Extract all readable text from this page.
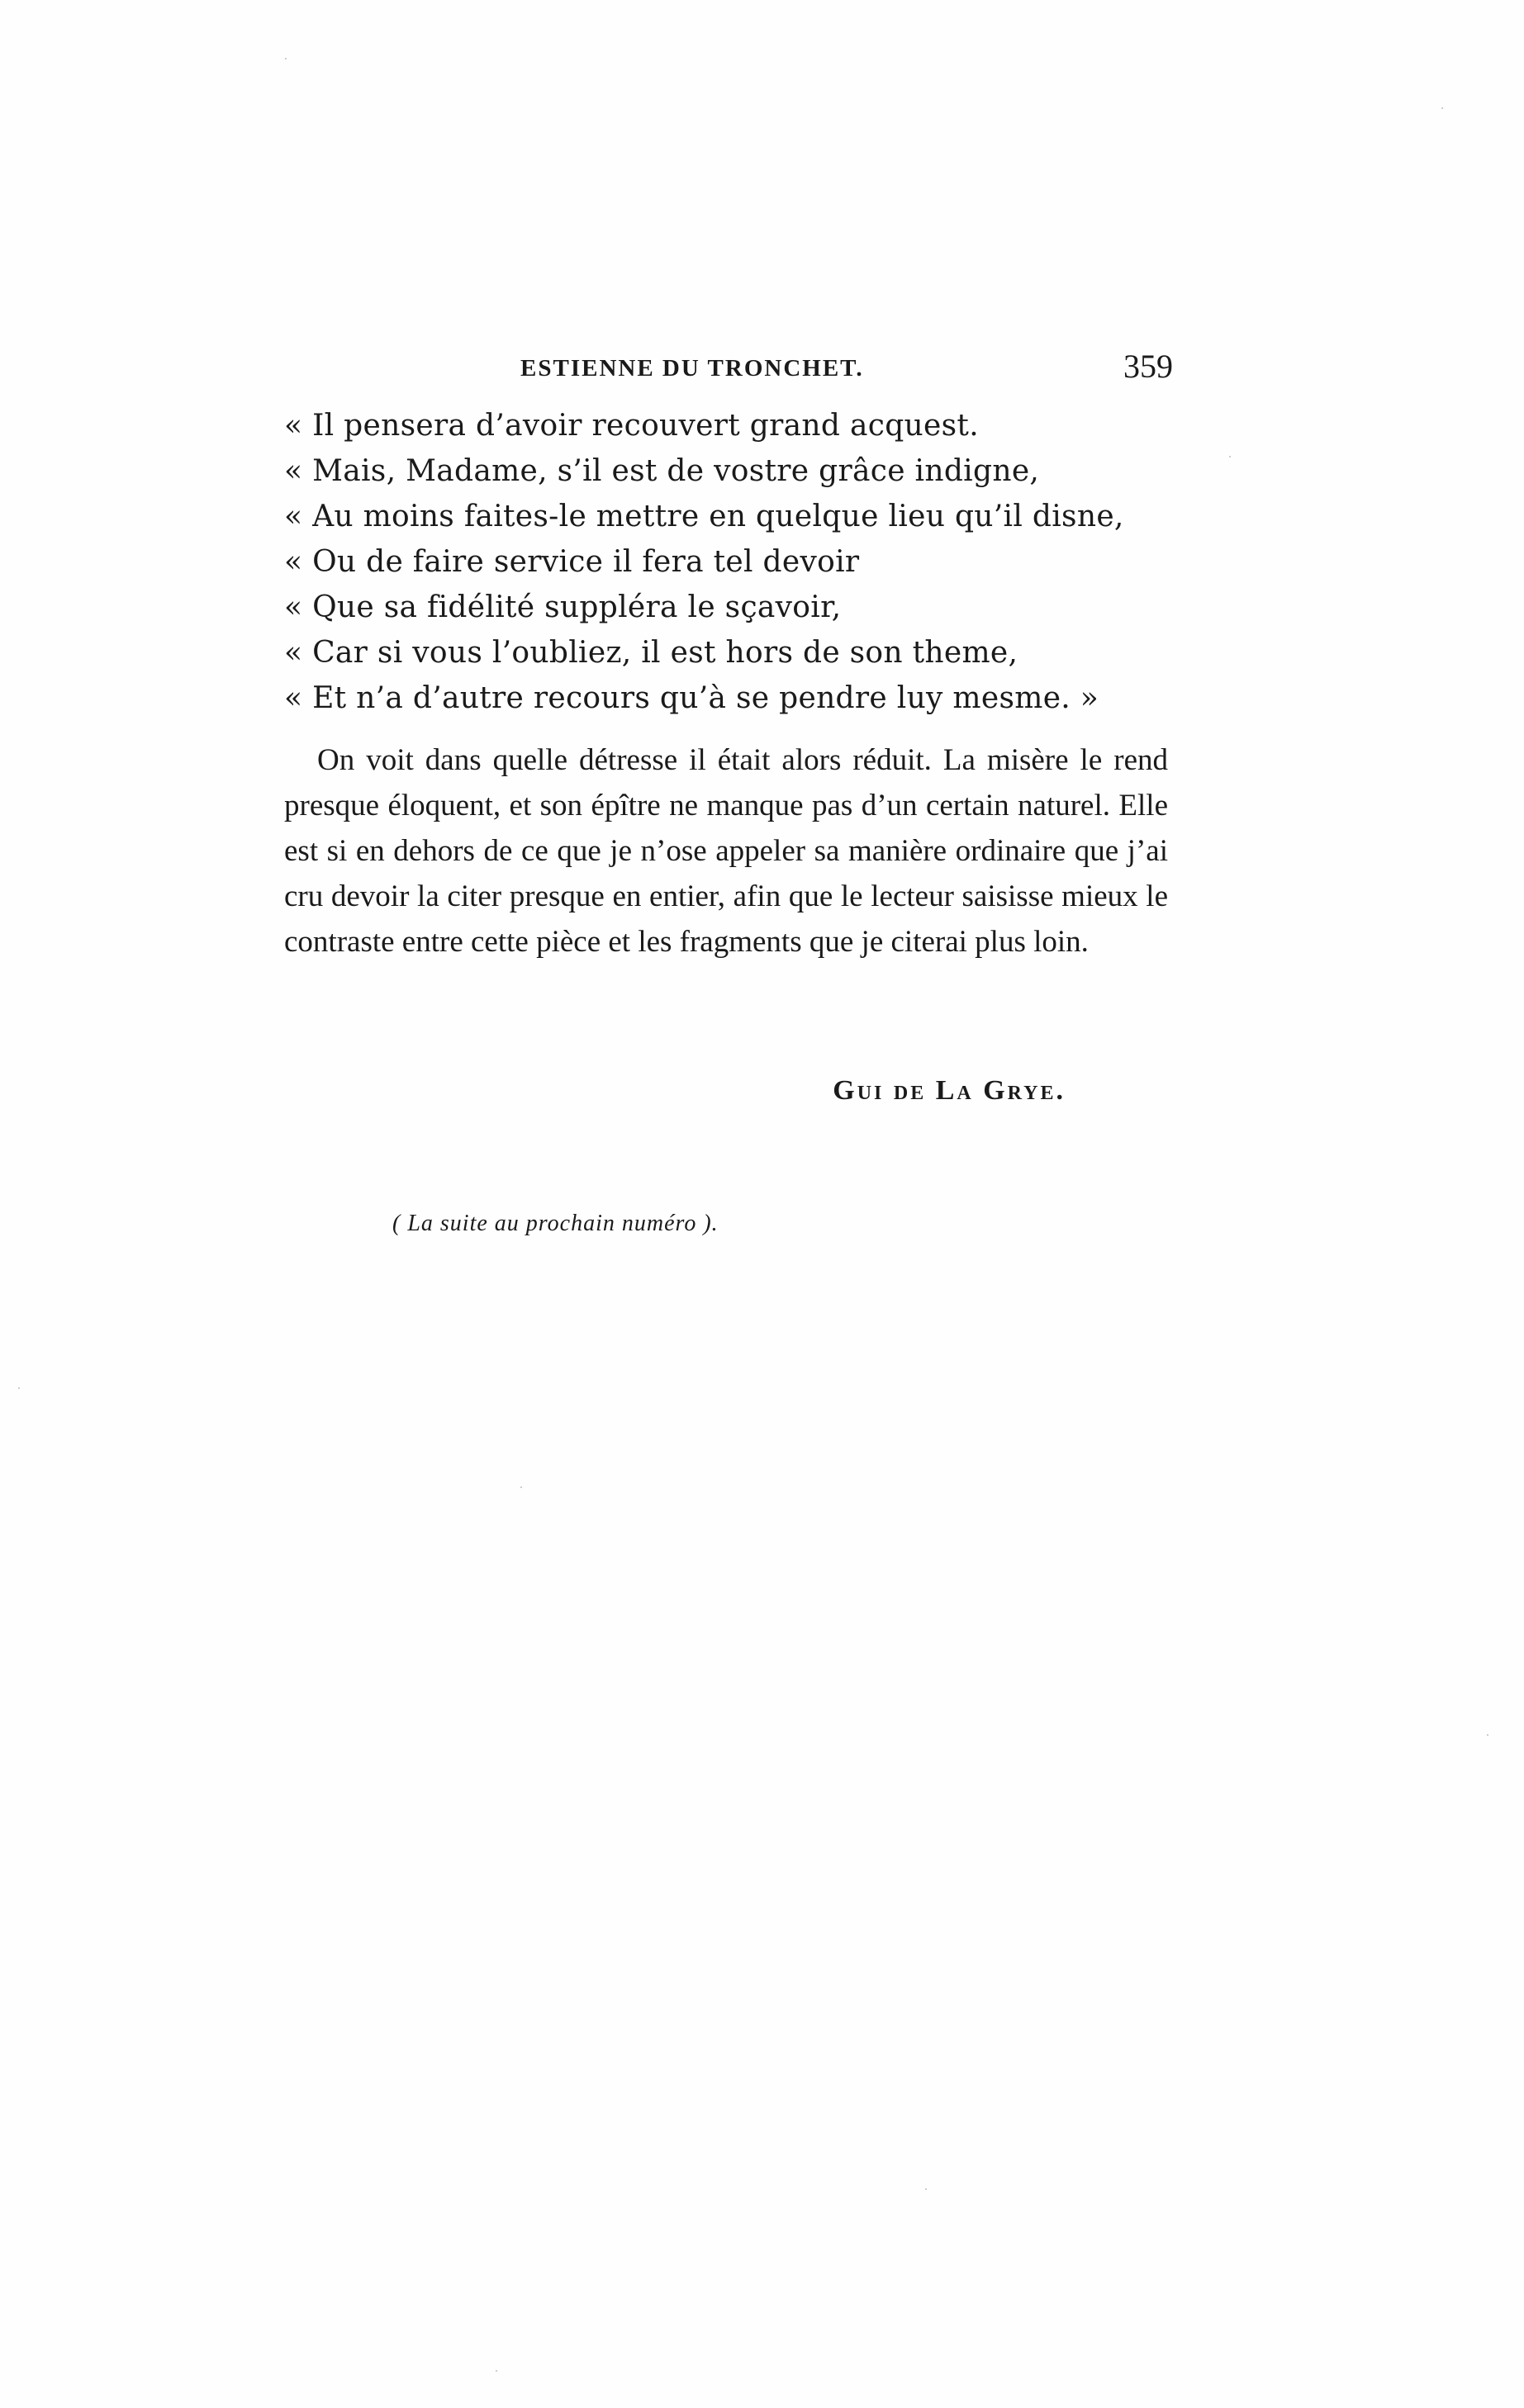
ESTIENNE DU TRONCHET.	359
« Il pensera d’avoir recouvert grand acquest.
« Mais, Madame, s’il est de vostre grâce indigne,
« Au moins faites-le mettre en quelque lieu qu’il disne,
« Ou de faire service il fera tel devoir
« Que sa fidélité suppléra le sçavoir,
« Car si vous l’oubliez, il est hors de son theme,
« Et n’a d’autre recours qu’à se pendre luy mesme. »

On voit dans quelle détresse il était alors réduit. La misère le rend presque éloquent, et son épître ne manque pas d’un certain naturel. Elle est si en dehors de ce que je n’ose appeler sa manière ordinaire que j’ai cru devoir la citer presque en entier, afin que le lecteur saisisse mieux le contraste entre cette pièce et les fragments que je citerai plus loin.

Gui de La Grye.
( La suite au prochain numéro ).
